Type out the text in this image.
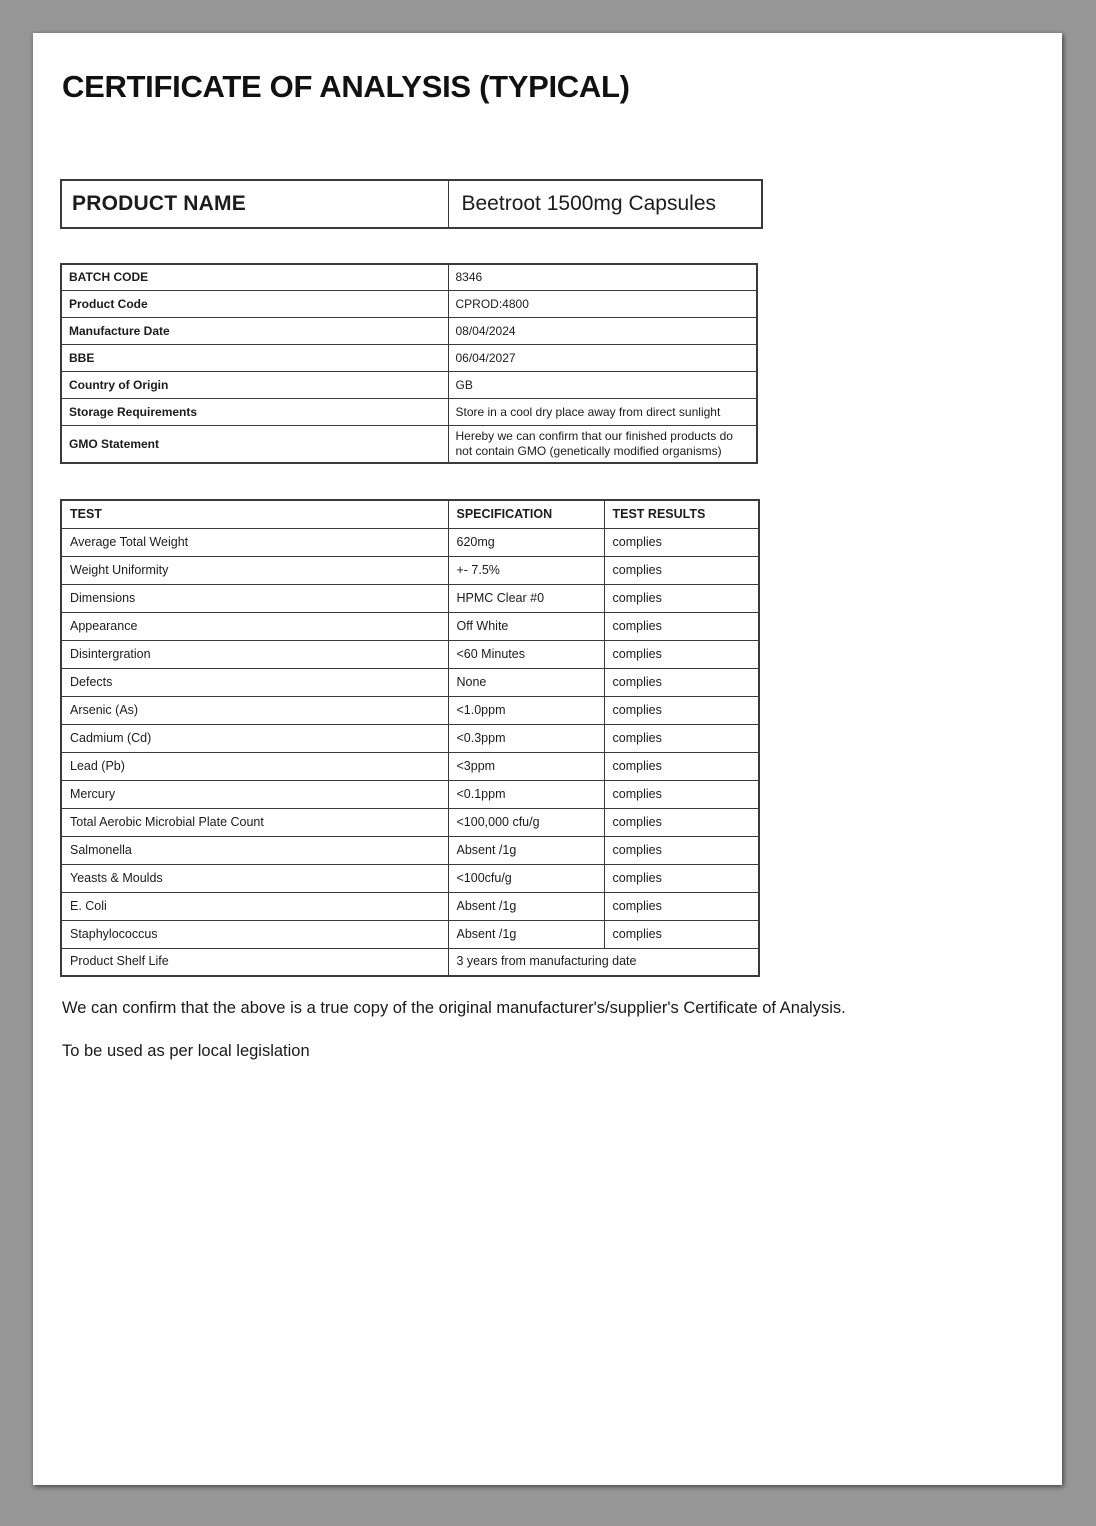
CERTIFICATE OF ANALYSIS (TYPICAL)
PRODUCT NAME	Beetroot 1500mg Capsules
BATCH CODE	8346
Product Code	CPROD:4800
Manufacture Date	08/04/2024
BBE	06/04/2027
Country of Origin	GB
Storage Requirements	Store in a cool dry place away from direct sunlight
GMO Statement	Hereby we can confirm that our finished products do not contain GMO (genetically modified organisms)
TEST	SPECIFICATION	TEST RESULTS
Average Total Weight	620mg	complies
Weight Uniformity	+- 7.5%	complies
Dimensions	HPMC Clear #0	complies
Appearance	Off White	complies
Disintergration	<60 Minutes	complies
Defects	None	complies
Arsenic (As)	<1.0ppm	complies
Cadmium (Cd)	<0.3ppm	complies
Lead (Pb)	<3ppm	complies
Mercury	<0.1ppm	complies
Total Aerobic Microbial Plate Count	<100,000 cfu/g	complies
Salmonella	Absent /1g	complies
Yeasts & Moulds	<100cfu/g	complies
E. Coli	Absent /1g	complies
Staphylococcus	Absent /1g	complies
Product Shelf Life	3 years from manufacturing date	

We can confirm that the above is a true copy of the original manufacturer's/supplier's Certificate of Analysis.

To be used as per local legislation
